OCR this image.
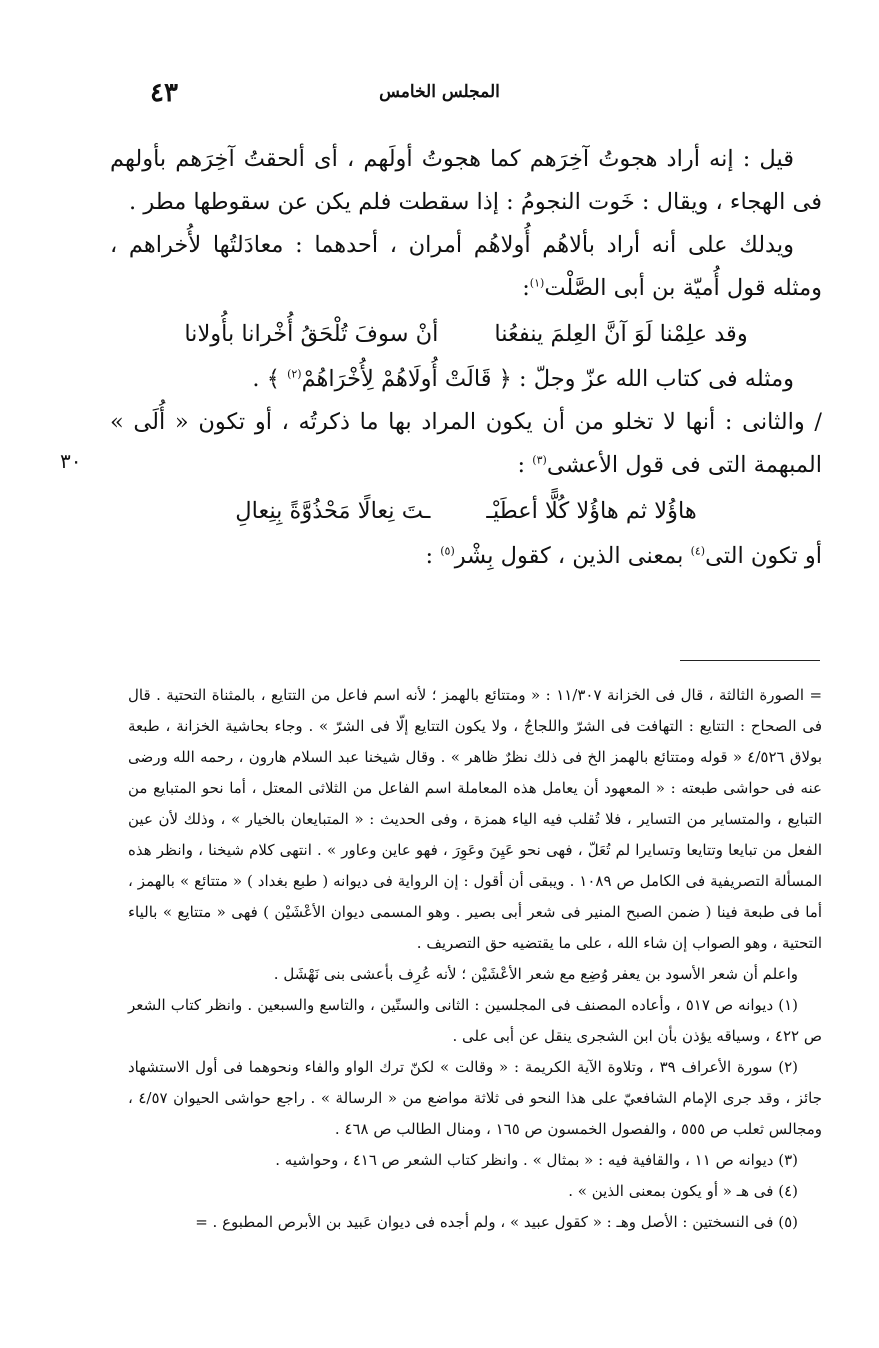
المجلس الخامس
٤٣
٣٠

قيل : إنه أراد هجوتُ آخِرَهم كما هجوتُ أولَهم ، أى ألحقتُ آخِرَهم بأولهم فى الهجاء ، ويقال : خَوت النجومُ : إذا سقطت فلم يكن عن سقوطها مطر .

ويدلك على أنه أراد بألاهُم أُولاهُم أمران ، أحدهما : معادَلتُها لأُخراهم ، ومثله قول أُميّة بن أبى الصَّلْت$^{(١)}$:

وقد علِمْنا لَوَ آنَّ العِلمَ ينفعُنا
أنْ سوفَ تُلْحَقُ أُخْرانا بأُولانا

ومثله فى كتاب الله عزّ وجلّ : ﴿ قَالَتْ أُولَاهُمْ لِأُخْرَاهُمْ$^{(٢)}$ ﴾ .

/ والثانى : أنها لا تخلو من أن يكون المراد بها ما ذكرتُه ، أو تكون « أُلَى » المبهمة التى فى قول الأعشى$^{(٣)}$ :

هاؤُلا ثم هاؤُلا كُلًّا أعطَيْـ
ـتَ نِعالًا مَحْذُوَّةً بِنِعالِ

أو تكون التى$^{(٤)}$ بمعنى الذين ، كقول بِشْر$^{(٥)}$ :

= الصورة الثالثة ، قال فى الخزانة ١١/٣٠٧ : « ومتتائع بالهمز ؛ لأنه اسم فاعل من التتايع ، بالمثناة التحتية . قال فى الصحاح : التتايع : التهافت فى الشرّ واللجاجُ ، ولا يكون التتايع إلّا فى الشرّ » . وجاء بحاشية الخزانة ، طبعة بولاق ٤/٥٢٦ « قوله ومتتائع بالهمز الخ فى ذلك نظرٌ ظاهر » . وقال شيخنا عبد السلام هارون ، رحمه الله ورضى عنه فى حواشى طبعته : « المعهود أن يعامل هذه المعاملة اسم الفاعل من الثلاثى المعتل ، أما نحو المتبايع من التبايع ، والمتساير من التساير ، فلا تُقلب فيه الياء همزة ، وفى الحديث : « المتبايعان بالخيار » ، وذلك لأن عين الفعل من تبايعا وتتايعا وتسايرا لم تُعَلّ ، فهى نحو عَيِنَ وعَوِرَ ، فهو عاين وعاور » . انتهى كلام شيخنا ، وانظر هذه المسألة التصريفية فى الكامل ص ١٠٨٩ . ويبقى أن أقول : إن الرواية فى ديوانه ( طبع بغداد ) « متتائع » بالهمز ، أما فى طبعة فينا ( ضمن الصبح المنير فى شعر أبى بصير . وهو المسمى ديوان الأعْشَيْن ) فهى « متتايع » بالياء التحتية ، وهو الصواب إن شاء الله ، على ما يقتضيه حق التصريف .

واعلم أن شعر الأسود بن يعفر وُضِع مع شعر الأعْشَيْن ؛ لأنه عُرِف بأعشى بنى نَهْشَل .

(١) ديوانه ص ٥١٧ ، وأعاده المصنف فى المجلسين : الثانى والستّين ، والتاسع والسبعين . وانظر كتاب الشعر ص ٤٢٢ ، وسياقه يؤذن بأن ابن الشجرى ينقل عن أبى على .

(٢) سورة الأعراف ٣٩ ، وتلاوة الآية الكريمة : « وقالت » لكنّ ترك الواو والفاء ونحوهما فى أول الاستشهاد جائز ، وقد جرى الإمام الشافعيّ على هذا النحو فى ثلاثة مواضع من « الرسالة » . راجع حواشى الحيوان ٤/٥٧ ، ومجالس ثعلب ص ٥٥٥ ، والفصول الخمسون ص ١٦٥ ، ومنال الطالب ص ٤٦٨ .

(٣) ديوانه ص ١١ ، والقافية فيه : « بمثال » . وانظر كتاب الشعر ص ٤١٦ ، وحواشيه .

(٤) فى هـ « أو يكون بمعنى الذين » .

(٥) فى النسختين : الأصل وهـ : « كقول عبيد » ، ولم أجده فى ديوان عَبيد بن الأبرص المطبوع . =
